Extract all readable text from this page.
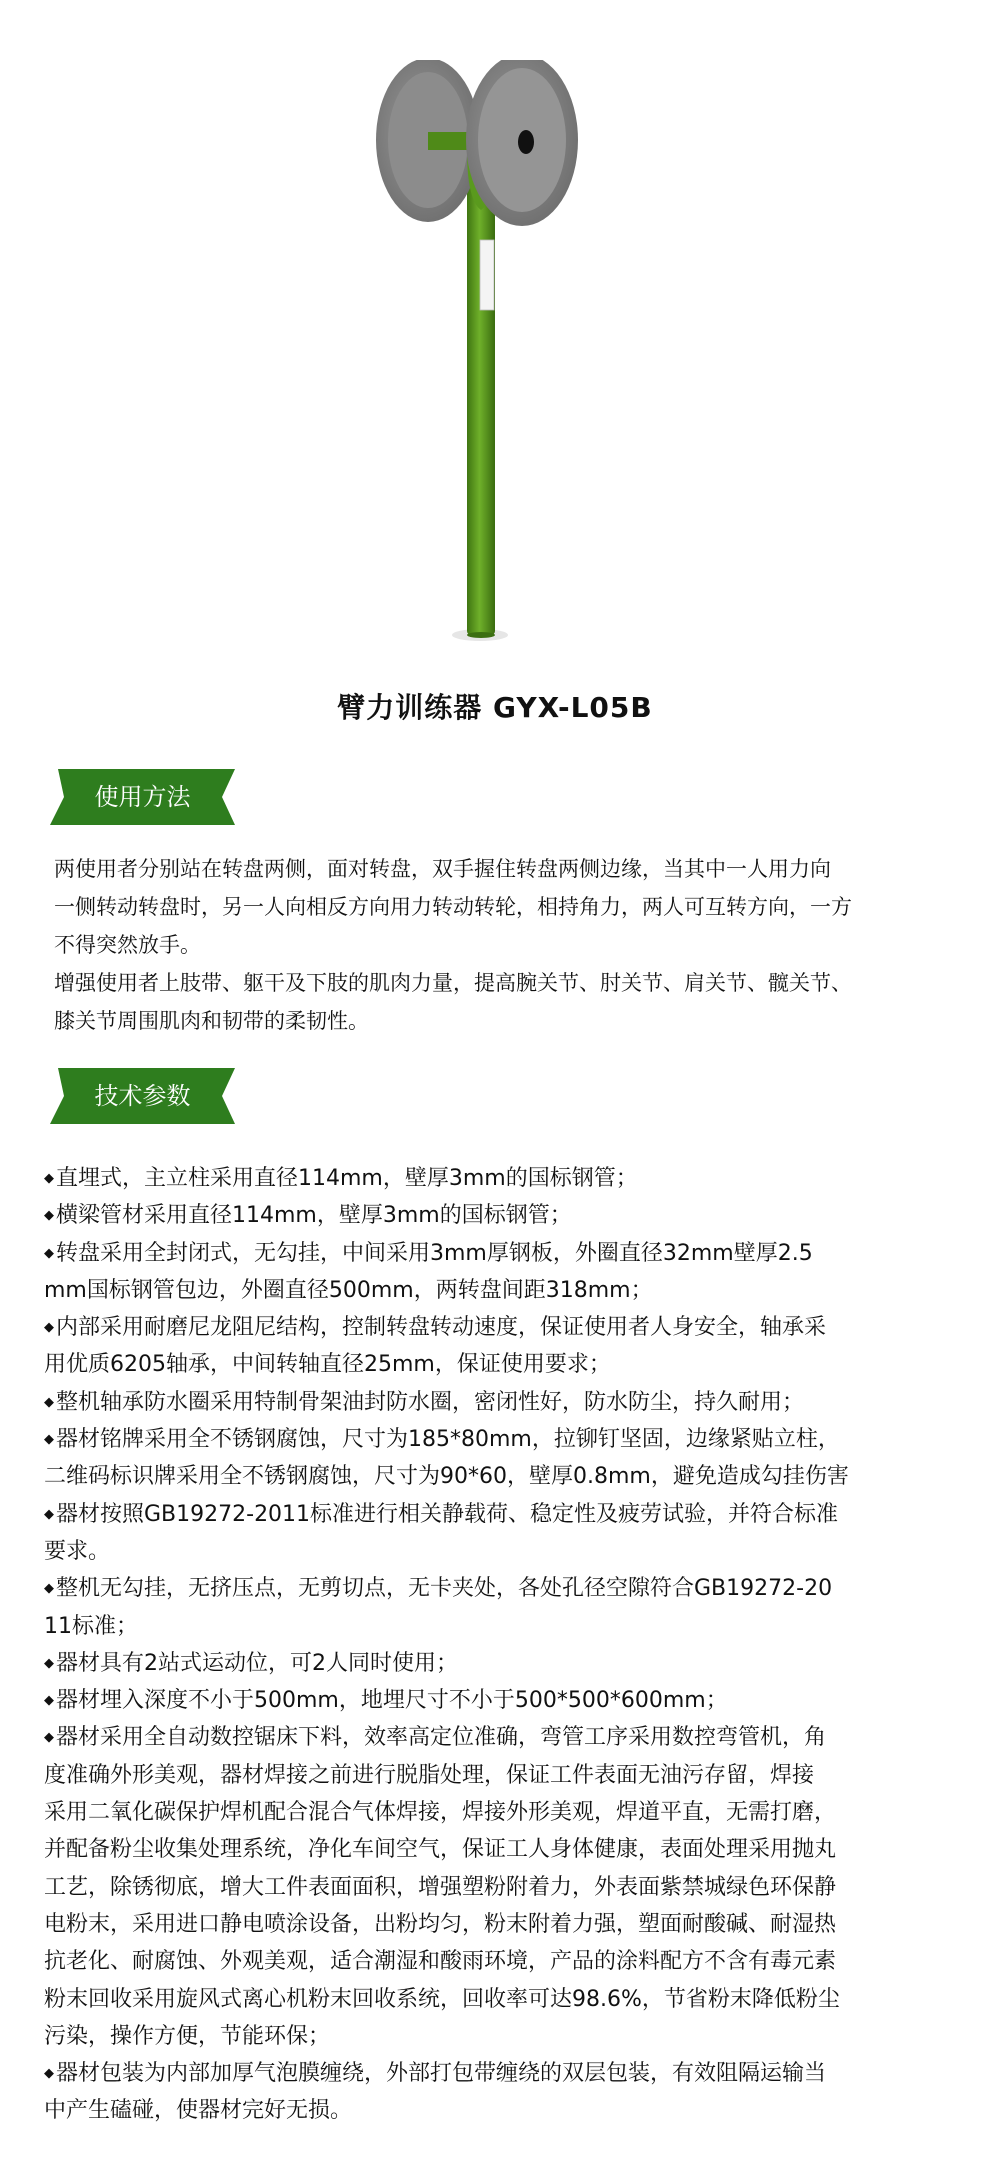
臂力训练器 GYX-L05B
使用方法

两使用者分别站在转盘两侧，面对转盘，双手握住转盘两侧边缘，当其中一人用力向

一侧转动转盘时，另一人向相反方向用力转动转轮，相持角力，两人可互转方向，一方

不得突然放手。

增强使用者上肢带、躯干及下肢的肌肉力量，提高腕关节、肘关节、肩关节、髋关节、

膝关节周围肌肉和韧带的柔韧性。

技术参数

◆ 直埋式，主立柱采用直径114mm，壁厚3mm的国标钢管；

◆ 横梁管材采用直径114mm，壁厚3mm的国标钢管；

◆ 转盘采用全封闭式，无勾挂，中间采用3mm厚钢板，外圈直径32mm壁厚2.5

mm国标钢管包边，外圈直径500mm，两转盘间距318mm；

◆ 内部采用耐磨尼龙阻尼结构，控制转盘转动速度，保证使用者人身安全，轴承采

用优质6205轴承，中间转轴直径25mm，保证使用要求；

◆ 整机轴承防水圈采用特制骨架油封防水圈，密闭性好，防水防尘，持久耐用；

◆ 器材铭牌采用全不锈钢腐蚀，尺寸为185*80mm，拉铆钉坚固，边缘紧贴立柱，

二维码标识牌采用全不锈钢腐蚀，尺寸为90*60，壁厚0.8mm，避免造成勾挂伤害

◆ 器材按照GB19272-2011标准进行相关静载荷、稳定性及疲劳试验，并符合标准

要求。

◆ 整机无勾挂，无挤压点，无剪切点，无卡夹处，各处孔径空隙符合GB19272-20

11标准；

◆ 器材具有2站式运动位，可2人同时使用；

◆ 器材埋入深度不小于500mm，地埋尺寸不小于500*500*600mm；

◆ 器材采用全自动数控锯床下料，效率高定位准确，弯管工序采用数控弯管机，角

度准确外形美观，器材焊接之前进行脱脂处理，保证工件表面无油污存留，焊接

采用二氧化碳保护焊机配合混合气体焊接，焊接外形美观，焊道平直，无需打磨，

并配备粉尘收集处理系统，净化车间空气，保证工人身体健康，表面处理采用抛丸

工艺，除锈彻底，增大工件表面面积，增强塑粉附着力，外表面紫禁城绿色环保静

电粉末，采用进口静电喷涂设备，出粉均匀，粉末附着力强，塑面耐酸碱、耐湿热

抗老化、耐腐蚀、外观美观，适合潮湿和酸雨环境，产品的涂料配方不含有毒元素

粉末回收采用旋风式离心机粉末回收系统，回收率可达98.6%，节省粉末降低粉尘

污染，操作方便，节能环保；

◆ 器材包装为内部加厚气泡膜缠绕，外部打包带缠绕的双层包装，有效阻隔运输当

中产生磕碰，使器材完好无损。
